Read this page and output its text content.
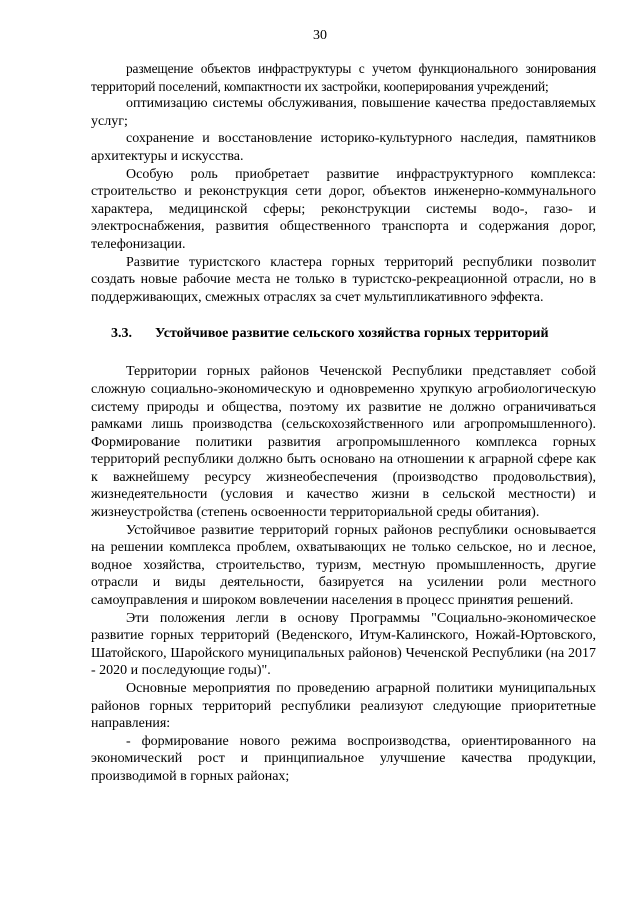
30

размещение объектов инфраструктуры с учетом функционального зонирования территорий поселений, компактности их застройки, кооперирования учреждений;

оптимизацию системы обслуживания, повышение качества предоставляемых услуг;

сохранение и восстановление историко-культурного наследия, памятников архитектуры и искусства.

Особую роль приобретает развитие инфраструктурного комплекса: строительство и реконструкция сети дорог, объектов инженерно-коммунального характера, медицинской сферы; реконструкции системы водо-, газо- и электроснабжения, развития общественного транспорта и содержания дорог, телефонизации.

Развитие туристского кластера горных территорий республики позволит создать новые рабочие места не только в туристско-рекреационной отрасли, но в поддерживающих, смежных отраслях за счет мультипликативного эффекта.

3.3. Устойчивое развитие сельского хозяйства горных территорий

Территории горных районов Чеченской Республики представляет собой сложную социально-экономическую и одновременно хрупкую агробиологическую систему природы и общества, поэтому их развитие не должно ограничиваться рамками лишь производства (сельскохозяйственного или агропромышленного). Формирование политики развития агропромышленного комплекса горных территорий республики должно быть основано на отношении к аграрной сфере как к важнейшему ресурсу жизнеобеспечения (производство продовольствия), жизнедеятельности (условия и качество жизни в сельской местности) и жизнеустройства (степень освоенности территориальной среды обитания).

Устойчивое развитие территорий горных районов республики основывается на решении комплекса проблем, охватывающих не только сельское, но и лесное, водное хозяйства, строительство, туризм, местную промышленность, другие отрасли и виды деятельности, базируется на усилении роли местного самоуправления и широком вовлечении населения в процесс принятия решений.

Эти положения легли в основу Программы "Социально-экономическое развитие горных территорий (Веденского, Итум-Калинского, Ножай-Юртовского, Шатойского, Шаройского муниципальных районов) Чеченской Республики (на 2017 - 2020 и последующие годы)".

Основные мероприятия по проведению аграрной политики муниципальных районов горных территорий республики реализуют следующие приоритетные направления:

- формирование нового режима воспроизводства, ориентированного на экономический рост и принципиальное улучшение качества продукции, производимой в горных районах;
